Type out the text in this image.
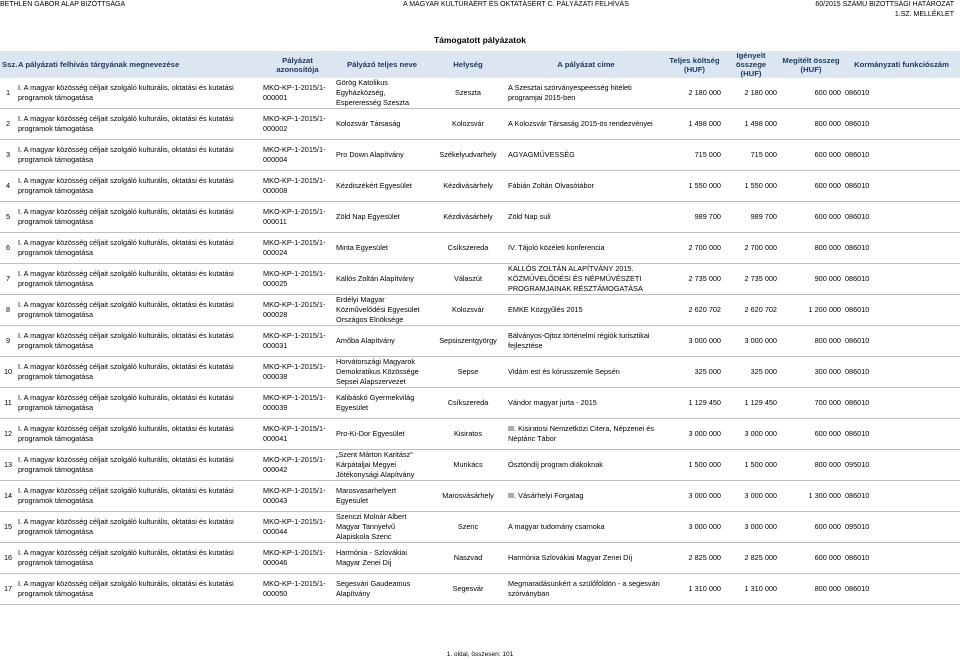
BETHLEN GÁBOR ALAP BIZOTTSÁGA	A MAGYAR KULTÚRÁÉRT ÉS OKTATÁSÉRT C. PÁLYÁZATI FELHÍVÁS	60/2015 SZÁMÚ BIZOTTSÁGI HATÁROZAT
1.SZ. MELLÉKLET
Támogatott pályázatok
Ssz.	A pályázati felhívás tárgyának megnevezése	Pályázat azonosítója	Pályázó teljes neve	Helység	A pályázat címe	Teljes költség (HUF)	Igényelt összege (HUF)	Megítélt összeg (HUF)	Kormányzati funkciószám
1	I. A magyar közösség céljait szolgáló kulturális, oktatási és kutatási programok támogatása	MKO-KP-1-2015/1-000001	Görög Katolikus Egyházközség, Espereresség Szeszta	Szeszta	A Szesztai szórványespeesség hitéleti programjai 2015-ben	2 180 000	2 180 000	600 000	086010
2	I. A magyar közösség céljait szolgáló kulturális, oktatási és kutatási programok támogatása	MKO-KP-1-2015/1-000002	Kolozsvár Társaság	Kolozsvár	A Kolozsvár Társaság 2015-ös rendezvényei	1 498 000	1 498 000	800 000	086010
3	I. A magyar közösség céljait szolgáló kulturális, oktatási és kutatási programok támogatása	MKO-KP-1-2015/1-000004	Pro Down Alapítvány	Székelyudvarhely	AGYAGMŰVESSÉG	715 000	715 000	600 000	086010
4	I. A magyar közösség céljait szolgáló kulturális, oktatási és kutatási programok támogatása	MKO-KP-1-2015/1-000008	Kézdiszékért Egyesület	Kézdivásárhely	Fábián Zoltán Olvasótábor	1 550 000	1 550 000	600 000	086010
5	I. A magyar közösség céljait szolgáló kulturális, oktatási és kutatási programok támogatása	MKO-KP-1-2015/1-000011	Zöld Nap Egyesület	Kézdivásárhely	Zöld Nap suli	989 700	989 700	600 000	086010
6	I. A magyar közösség céljait szolgáló kulturális, oktatási és kutatási programok támogatása	MKO-KP-1-2015/1-000024	Minta Egyesület	Csíkszereda	IV. Tájoló közéleti konferencia	2 700 000	2 700 000	800 000	086010
7	I. A magyar közösség céljait szolgáló kulturális, oktatási és kutatási programok támogatása	MKO-KP-1-2015/1-000025	Kallós Zoltán Alapítvány	Válaszút	KALLÓS ZOLTÁN ALAPÍTVÁNY 2015. KÖZMŰVELŐDÉSI ÉS NÉPMŰVÉSZETI PROGRAMJAINAK RÉSZTÁMOGATÁSA	2 735 000	2 735 000	900 000	086010
8	I. A magyar közösség céljait szolgáló kulturális, oktatási és kutatási programok támogatása	MKO-KP-1-2015/1-000028	Erdélyi Magyar Közművelődési Egyesület Országos Elnöksége	Kolozsvár	EMKE Közgyűlés 2015	2 620 702	2 620 702	1 200 000	086010
9	I. A magyar közösség céljait szolgáló kulturális, oktatási és kutatási programok támogatása	MKO-KP-1-2015/1-000031	Amőba Alapítvány	Sepsiszentgyörgy	Bálványos-Ojtoz történelmi régiók turisztikai fejlesztése	3 000 000	3 000 000	800 000	086010
10	I. A magyar közösség céljait szolgáló kulturális, oktatási és kutatási programok támogatása	MKO-KP-1-2015/1-000038	Horvátországi Magyarok Demokratikus Közössége Sepsei Alapszervezet	Sepse	Vidám est és kórusszemle Sepsén	325 000	325 000	300 000	086010
11	I. A magyar közösség céljait szolgáló kulturális, oktatási és kutatási programok támogatása	MKO-KP-1-2015/1-000039	Kalibáskó Gyermekvilág Egyesület	Csíkszereda	Vándor magyar jurta - 2015	1 129 450	1 129 450	700 000	086010
12	I. A magyar közösség céljait szolgáló kulturális, oktatási és kutatási programok támogatása	MKO-KP-1-2015/1-000041	Pro-Ki-Dor Egyesület	Kisiratos	III. Kisiratosi Nemzetközi Citera, Népzenei és Néptánc Tábor	3 000 000	3 000 000	600 000	086010
13	I. A magyar közösség céljait szolgáló kulturális, oktatási és kutatási programok támogatása	MKO-KP-1-2015/1-000042	„Szent Márton Karitász” Kárpátaljai Megyei Jótékonysági Alapítvány	Munkács	Ösztöndíj program diákoknak	1 500 000	1 500 000	800 000	095010
14	I. A magyar közösség céljait szolgáló kulturális, oktatási és kutatási programok támogatása	MKO-KP-1-2015/1-000043	Marosvasarhelyert Egyesulet	Marosvásárhely	III. Vásárhelyi Forgatag	3 000 000	3 000 000	1 300 000	086010
15	I. A magyar közösség céljait szolgáló kulturális, oktatási és kutatási programok támogatása	MKO-KP-1-2015/1-000044	Szenczi Molnár Albert Magyar Tannyelvű Alapiskola Szenc	Szenc	A magyar tudomány csarnoka	3 000 000	3 000 000	600 000	095010
16	I. A magyar közösség céljait szolgáló kulturális, oktatási és kutatási programok támogatása	MKO-KP-1-2015/1-000046	Harmónia - Szlovákiai Magyar Zenei Díj	Naszvad	Harmónia Szlovákiai Magyar Zenei Díj	2 825 000	2 825 000	600 000	086010
17	I. A magyar közösség céljait szolgáló kulturális, oktatási és kutatási programok támogatása	MKO-KP-1-2015/1-000050	Segesvári Gaudeamus Alapítvány	Segesvár	Megmaradásunkért a szülőföldön - a segesvári szórványban	1 310 000	1 310 000	800 000	086010
1. oldal, összesen: 101
